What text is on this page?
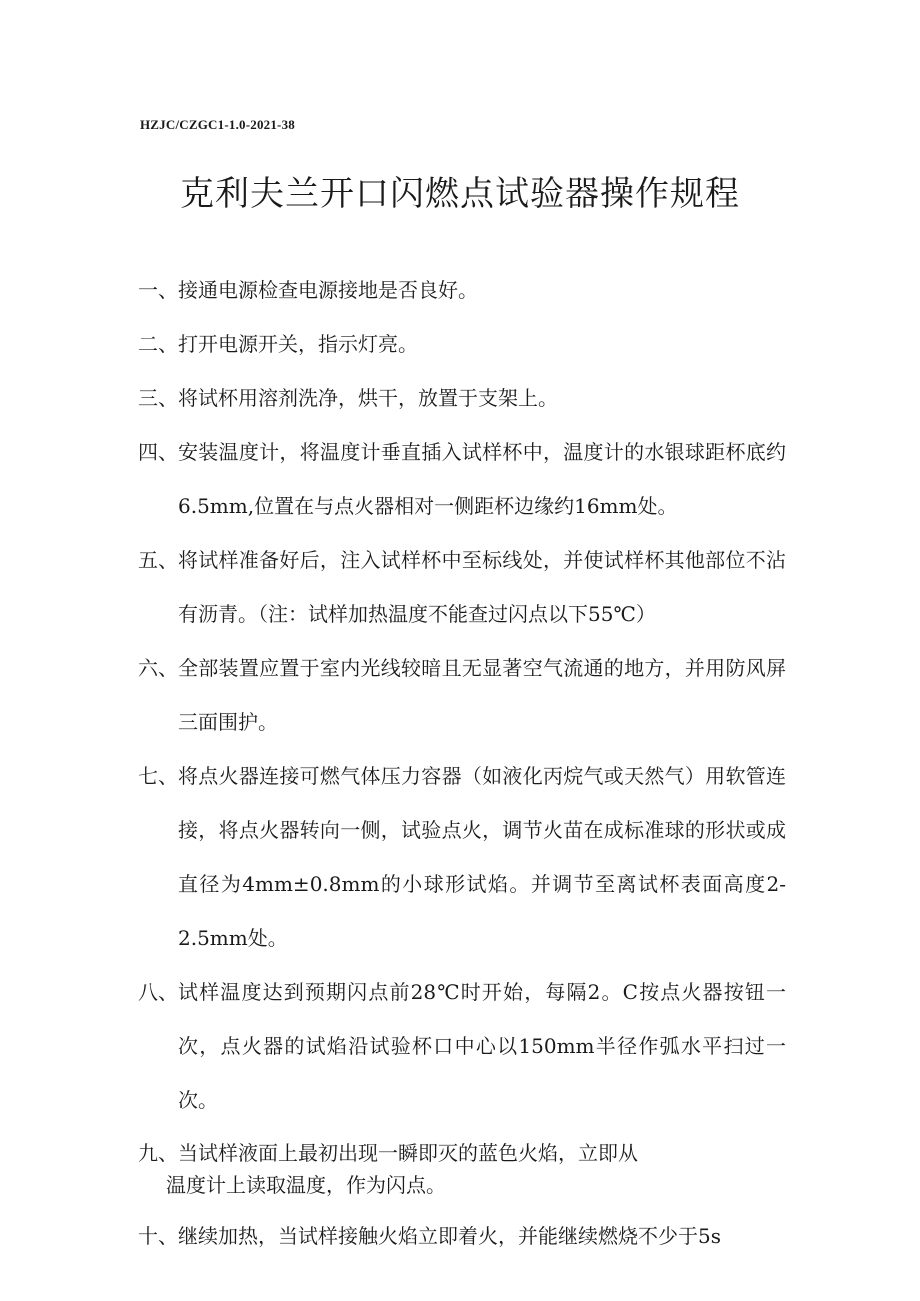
HZJC/CZGC1-1.0-2021-38
克利夫兰开口闪燃点试验器操作规程
一、 接通电源检查电源接地是否良好。
二、 打开电源开关，指示灯亮。
三、 将试杯用溶剂洗净，烘干，放置于支架上。
四、 安装温度计，将温度计垂直插入试样杯中，温度计的水银球距杯底约6.5mm,位置在与点火器相对一侧距杯边缘约16mm处。
五、 将试样准备好后，注入试样杯中至标线处，并使试样杯其他部位不沾有沥青。（注：试样加热温度不能查过闪点以下55℃）
六、 全部装置应置于室内光线较暗且无显著空气流通的地方，并用防风屏三面围护。
七、 将点火器连接可燃气体压力容器（如液化丙烷气或天然气）用软管连接，将点火器转向一侧，试验点火，调节火苗在成标准球的形状或成直径为4mm±0.8mm的小球形试焰。并调节至离试杯表面高度2-2.5mm处。
八、 试样温度达到预期闪点前28℃时开始，每隔2。C按点火器按钮一次，点火器的试焰沿试验杯口中心以150mm半径作弧水平扫过一次。
九、 当试样液面上最初出现一瞬即灭的蓝色火焰，立即从
温度计上读取温度，作为闪点。
十、 继续加热，当试样接触火焰立即着火，并能继续燃烧不少于5s
